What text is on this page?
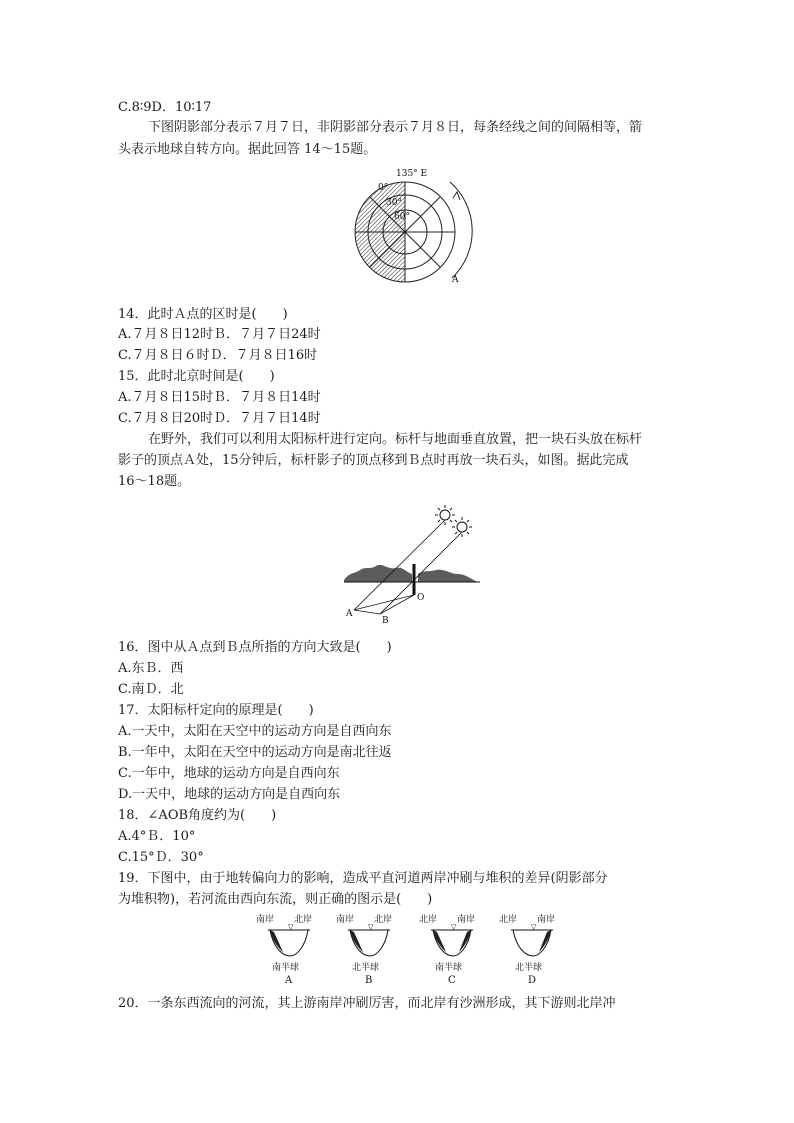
C.8∶9D．10∶17
下图阴影部分表示７月７日，非阴影部分表示７月８日，每条经线之间的间隔相等，箭
头表示地球自转方向。据此回答 14～15题。
135° E
0°
30°
60°
A
14．此时Ａ点的区时是(　　)
A.７月８日12时Ｂ．７月７日24时
C.７月８日６时Ｄ．７月８日16时
15．此时北京时间是(　　)
A.７月８日15时Ｂ．７月８日14时
C.７月８日20时Ｄ．７月７日14时
在野外，我们可以利用太阳标杆进行定向。标杆与地面垂直放置，把一块石头放在标杆
影子的顶点Ａ处，15分钟后，标杆影子的顶点移到Ｂ点时再放一块石头，如图。据此完成
16～18题。
A
B
O
16．图中从Ａ点到Ｂ点所指的方向大致是(　　)
A.东Ｂ．西
C.南Ｄ．北
17．太阳标杆定向的原理是(　　)
A.一天中，太阳在天空中的运动方向是自西向东
B.一年中，太阳在天空中的运动方向是南北往返
C.一年中，地球的运动方向是自西向东
D.一天中，地球的运动方向是自西向东
18．∠AOB角度约为(　　)
A.4°Ｂ．10°
C.15°Ｄ．30°
19．下图中，由于地转偏向力的影响，造成平直河道两岸冲刷与堆积的差异(阴影部分
为堆积物)，若河流由西向东流，则正确的图示是(　　)
南岸 北岸
▽
南半球
A
南岸 北岸
▽
北半球
B
北岸 南岸
▽
南半球
C
北岸 南岸
▽
北半球
D
20．一条东西流向的河流，其上游南岸冲刷厉害，而北岸有沙洲形成，其下游则北岸冲
